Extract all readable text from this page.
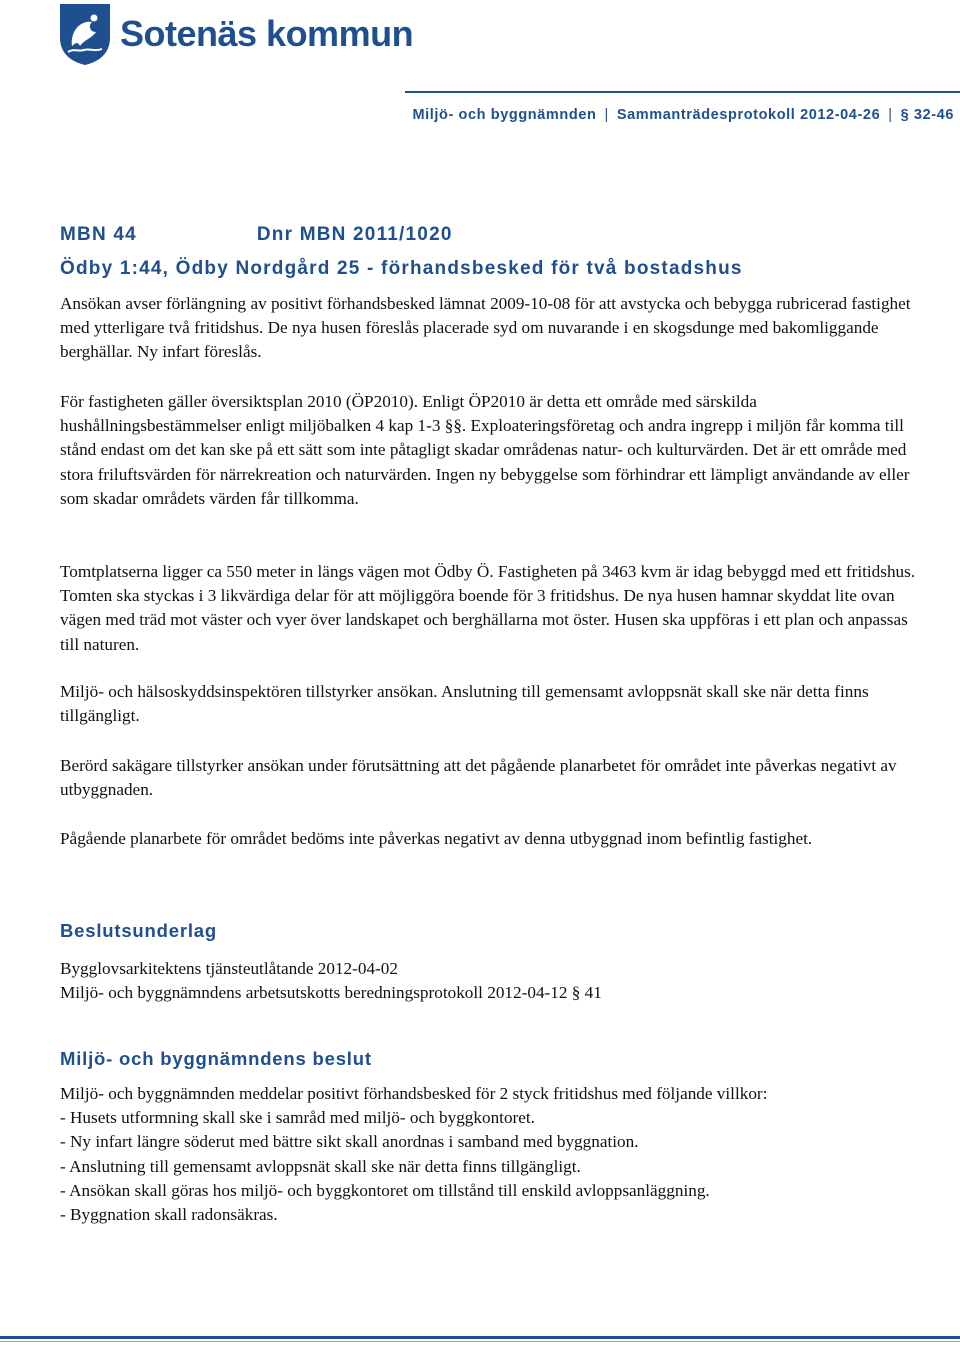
Sotenäs kommun
Miljö- och byggnämnden | Sammanträdesprotokoll 2012-04-26 | § 32-46
MBN 44	Dnr MBN 2011/1020
Ödby 1:44, Ödby Nordgård 25 - förhandsbesked för två bostadshus

Ansökan avser förlängning av positivt förhandsbesked lämnat 2009-10-08 för att avstycka och bebygga rubricerad fastighet med ytterligare två fritidshus. De nya husen föreslås placerade syd om nuvarande i en skogsdunge med bakomliggande berghällar. Ny infart föreslås.

För fastigheten gäller översiktsplan 2010 (ÖP2010). Enligt ÖP2010 är detta ett område med särskilda hushållningsbestämmelser enligt miljöbalken 4 kap 1-3 §§. Exploateringsföretag och andra ingrepp i miljön får komma till stånd endast om det kan ske på ett sätt som inte påtagligt skadar områdenas natur- och kulturvärden. Det är ett område med stora friluftsvärden för närrekreation och naturvärden. Ingen ny bebyggelse som förhindrar ett lämpligt användande av eller som skadar områdets värden får tillkomma.

Tomtplatserna ligger ca 550 meter in längs vägen mot Ödby Ö. Fastigheten på 3463 kvm är idag bebyggd med ett fritidshus. Tomten ska styckas i 3 likvärdiga delar för att möjliggöra boende för 3 fritidshus. De nya husen hamnar skyddat lite ovan vägen med träd mot väster och vyer över landskapet och berghällarna mot öster. Husen ska uppföras i ett plan och anpassas till naturen.

Miljö- och hälsoskyddsinspektören tillstyrker ansökan. Anslutning till gemensamt avloppsnät skall ske när detta finns tillgängligt.

Berörd sakägare tillstyrker ansökan under förutsättning att det pågående planarbetet för området inte påverkas negativt av utbyggnaden.

Pågående planarbete för området bedöms inte påverkas negativt av denna utbyggnad inom befintlig fastighet.

Beslutsunderlag

Bygglovsarkitektens tjänsteutlåtande 2012-04-02

Miljö- och byggnämndens arbetsutskotts beredningsprotokoll 2012-04-12 § 41

Miljö- och byggnämndens beslut

Miljö- och byggnämnden meddelar positivt förhandsbesked för 2 styck fritidshus med följande villkor:

- Husets utformning skall ske i samråd med miljö- och byggkontoret.

- Ny infart längre söderut med bättre sikt skall anordnas i samband med byggnation.

- Anslutning till gemensamt avloppsnät skall ske när detta finns tillgängligt.

- Ansökan skall göras hos miljö- och byggkontoret om tillstånd till enskild avloppsanläggning.

- Byggnation skall radonsäkras.
